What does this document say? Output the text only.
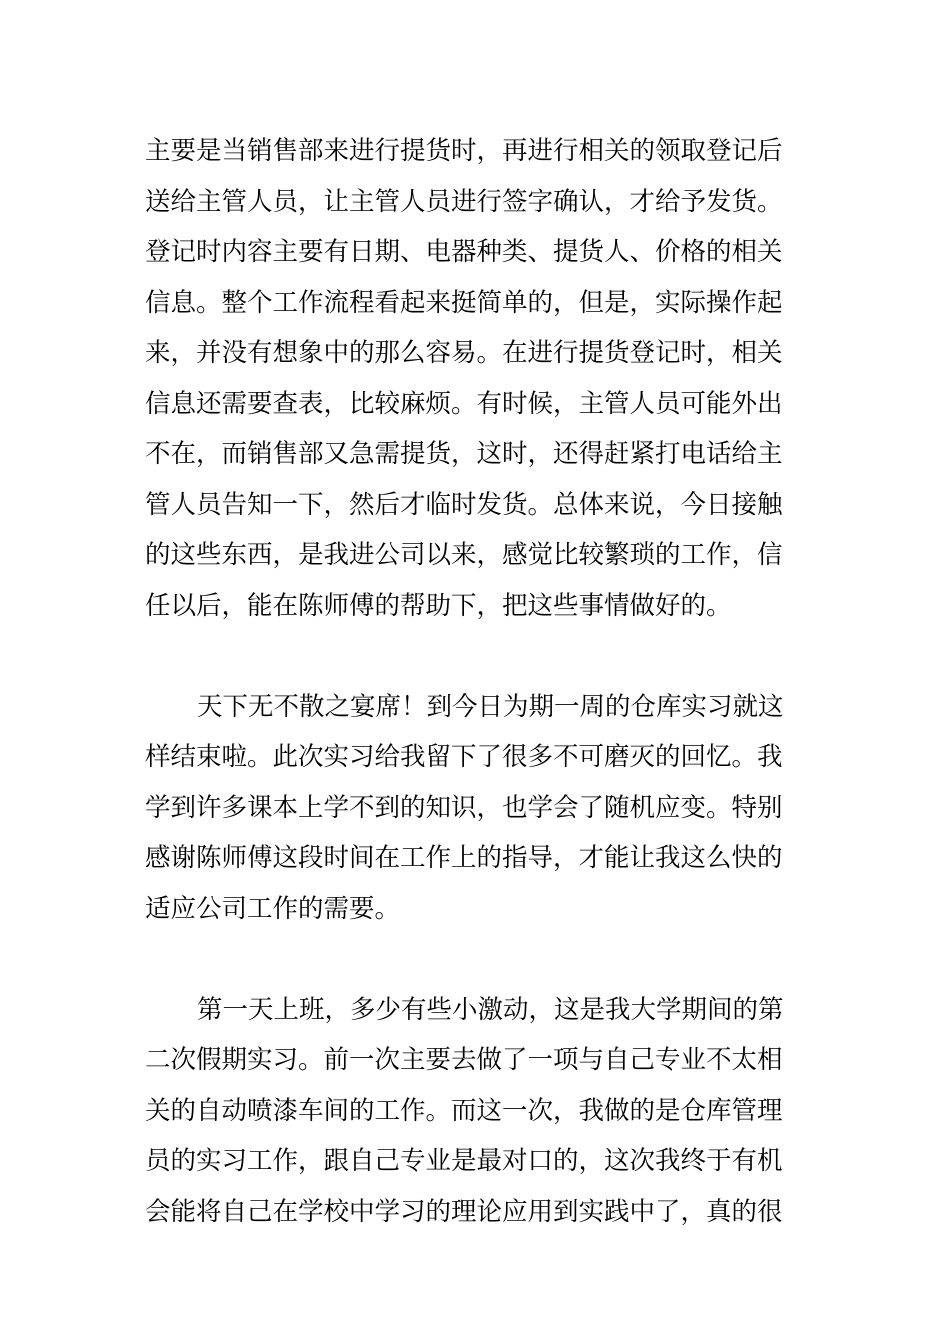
主要是当销售部来进行提货时，再进行相关的领取登记后
送给主管人员，让主管人员进行签字确认，才给予发货。
登记时内容主要有日期、电器种类、提货人、价格的相关
信息。整个工作流程看起来挺简单的，但是，实际操作起
来，并没有想象中的那么容易。在进行提货登记时，相关
信息还需要查表，比较麻烦。有时候，主管人员可能外出
不在，而销售部又急需提货，这时，还得赶紧打电话给主
管人员告知一下，然后才临时发货。总体来说，今日接触
的这些东西，是我进公司以来，感觉比较繁琐的工作，信
任以后，能在陈师傅的帮助下，把这些事情做好的。
天下无不散之宴席！到今日为期一周的仓库实习就这
样结束啦。此次实习给我留下了很多不可磨灭的回忆。我
学到许多课本上学不到的知识，也学会了随机应变。特别
感谢陈师傅这段时间在工作上的指导，才能让我这么快的
适应公司工作的需要。
第一天上班，多少有些小激动，这是我大学期间的第
二次假期实习。前一次主要去做了一项与自己专业不太相
关的自动喷漆车间的工作。而这一次，我做的是仓库管理
员的实习工作，跟自己专业是最对口的，这次我终于有机
会能将自己在学校中学习的理论应用到实践中了，真的很
